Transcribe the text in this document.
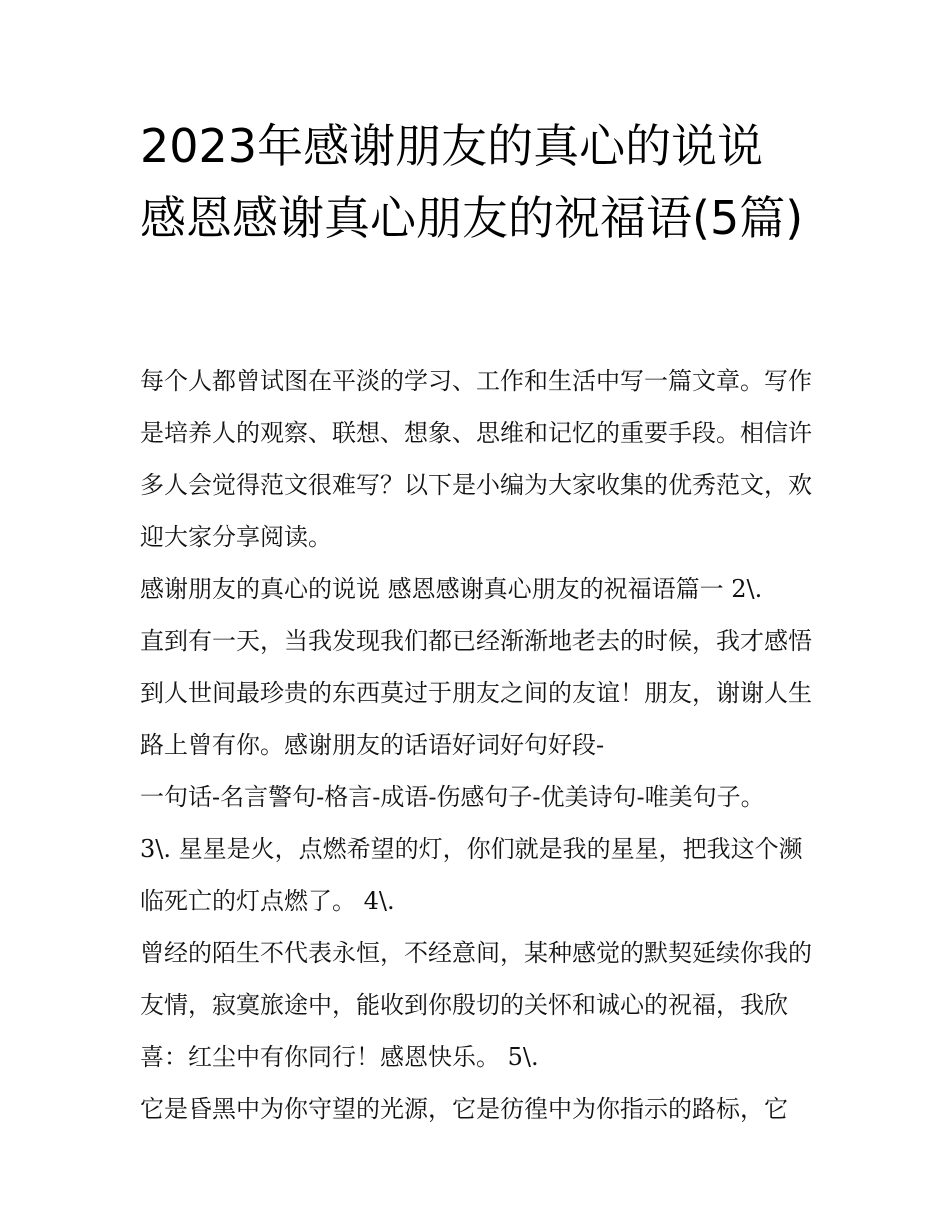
2023年感谢朋友的真心的说说 感恩感谢真心朋友的祝福语(5篇)

每个人都曾试图在平淡的学习、工作和生活中写一篇文章。写作是培养人的观察、联想、想象、思维和记忆的重要手段。相信许多人会觉得范文很难写？以下是小编为大家收集的优秀范文，欢迎大家分享阅读。

感谢朋友的真心的说说 感恩感谢真心朋友的祝福语篇一 2\.

直到有一天，当我发现我们都已经渐渐地老去的时候，我才感悟到人世间最珍贵的东西莫过于朋友之间的友谊！朋友，谢谢人生路上曾有你。感谢朋友的话语好词好句好段-

一句话-名言警句-格言-成语-伤感句子-优美诗句-唯美句子。

3\. 星星是火，点燃希望的灯，你们就是我的星星，把我这个濒临死亡的灯点燃了。 4\.

曾经的陌生不代表永恒，不经意间，某种感觉的默契延续你我的友情，寂寞旅途中，能收到你殷切的关怀和诚心的祝福，我欣喜：红尘中有你同行！感恩快乐。 5\.

它是昏黑中为你守望的光源，它是彷徨中为你指示的路标，它
